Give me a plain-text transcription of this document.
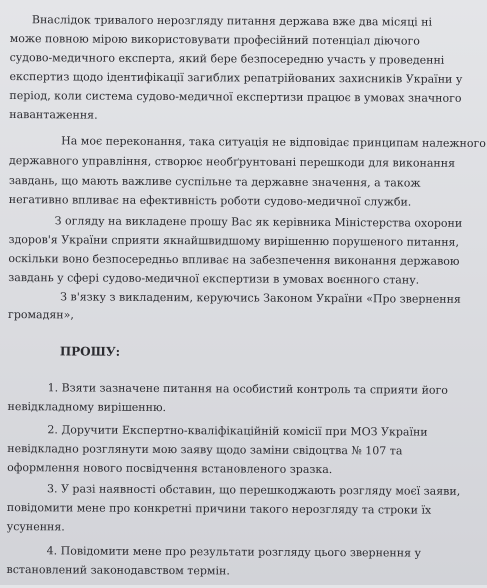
Внаслідок тривалого нерозгляду питання держава вже два місяці ні
може повною мірою використовувати професійний потенціал діючого
судово-медичного експерта, який бере безпосередню участь у проведенні
експертиз щодо ідентифікації загиблих репатрійованих захисників України у
період, коли система судово-медичної експертизи працює в умовах значного
навантаження.
На моє переконання, така ситуація не відповідає принципам належного
державного управління, створює необґрунтовані перешкоди для виконання
завдань, що мають важливе суспільне та державне значення, а також
негативно впливає на ефективність роботи судово-медичної служби.
З огляду на викладене прошу Вас як керівника Міністерства охорони
здоров'я України сприяти якнайшвидшому вирішенню порушеного питання,
оскільки воно безпосередньо впливає на забезпечення виконання державою
завдань у сфері судово-медичної експертизи в умовах воєнного стану.
З в'язку з викладеним, керуючись Законом України «Про звернення
громадян»,
ПРОШУ:
1. Взяти зазначене питання на особистий контроль та сприяти його
невідкладному вирішенню.
2. Доручити Експертно-кваліфікаційній комісії при МОЗ України
невідкладно розглянути мою заяву щодо заміни свідоцтва № 107 та
оформлення нового посвідчення встановленого зразка.
3. У разі наявності обставин, що перешкоджають розгляду моєї заяви,
повідомити мене про конкретні причини такого нерозгляду та строки їх
усунення.
4. Повідомити мене про результати розгляду цього звернення у
встановлений законодавством термін.
